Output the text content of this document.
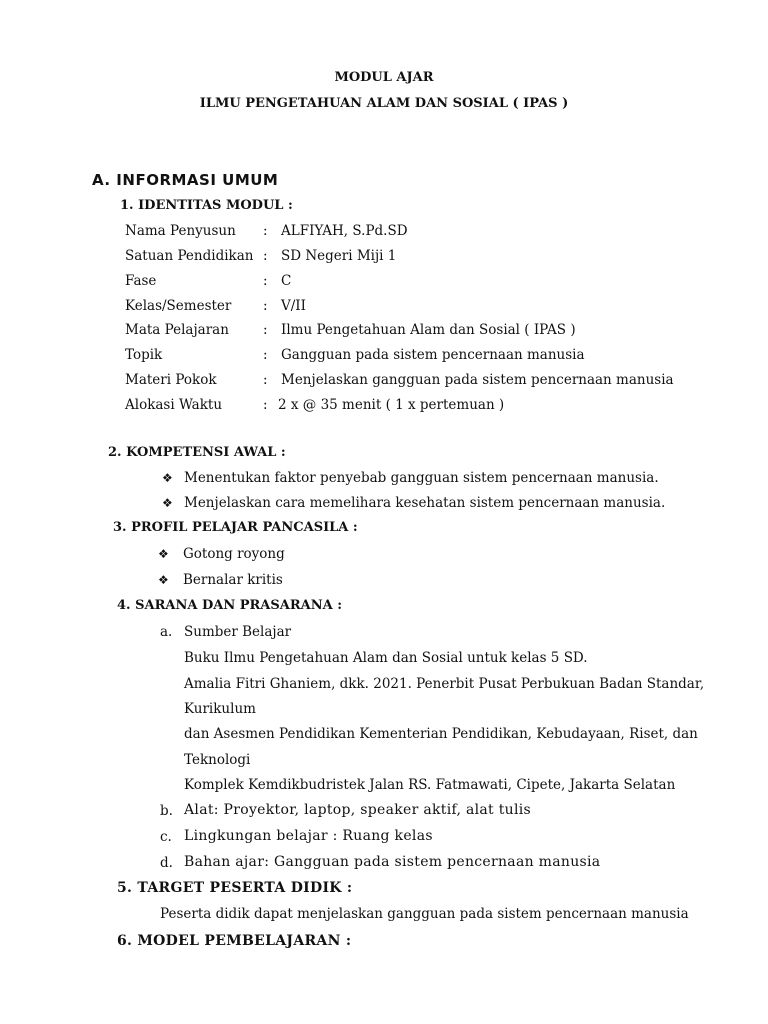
MODUL AJAR
ILMU PENGETAHUAN ALAM DAN SOSIAL ( IPAS )
A. INFORMASI UMUM
1. IDENTITAS MODUL :
Nama Penyusun : ALFIYAH, S.Pd.SD
Satuan Pendidikan : SD Negeri Miji 1
Fase	: C
Kelas/Semester : V/II
Mata Pelajaran	: Ilmu Pengetahuan Alam dan Sosial ( IPAS )
Topik	: Gangguan pada sistem pencernaan manusia
Materi Pokok	: Menjelaskan gangguan pada sistem pencernaan manusia
Alokasi Waktu	: 2 x @ 35 menit ( 1 x pertemuan )
2. KOMPETENSI AWAL :
❖ Menentukan faktor penyebab gangguan sistem pencernaan manusia.
❖ Menjelaskan cara memelihara kesehatan sistem pencernaan manusia.
3. PROFIL PELAJAR PANCASILA :
❖ Gotong royong
❖ Bernalar kritis
4. SARANA DAN PRASARANA :
a. Sumber Belajar
Buku Ilmu Pengetahuan Alam dan Sosial untuk kelas 5 SD.
Amalia Fitri Ghaniem, dkk. 2021. Penerbit Pusat Perbukuan Badan Standar,
Kurikulum
dan Asesmen Pendidikan Kementerian Pendidikan, Kebudayaan, Riset, dan
Teknologi
Komplek Kemdikbudristek Jalan RS. Fatmawati, Cipete, Jakarta Selatan
b. Alat: Proyektor, laptop, speaker aktif, alat tulis
c. Lingkungan belajar : Ruang kelas
d. Bahan ajar: Gangguan pada sistem pencernaan manusia
5. TARGET PESERTA DIDIK :
Peserta didik dapat menjelaskan gangguan pada sistem pencernaan manusia
6. MODEL PEMBELAJARAN :
